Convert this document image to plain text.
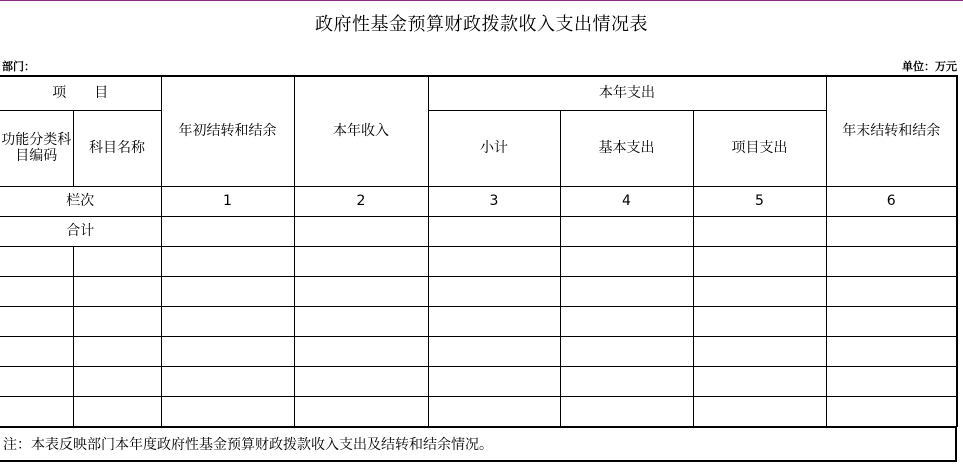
政府性基金预算财政拨款收入支出情况表
部门：	单位：万元
项　　目		年初结转和结余	本年收入	本年支出			年末结转和结余
功能分类科目编码	科目名称			小计	基本支出	项目支出	
栏次		1	2	3	4	5	6
合计							

注：本表反映部门本年度政府性基金预算财政拨款收入支出及结转和结余情况。
